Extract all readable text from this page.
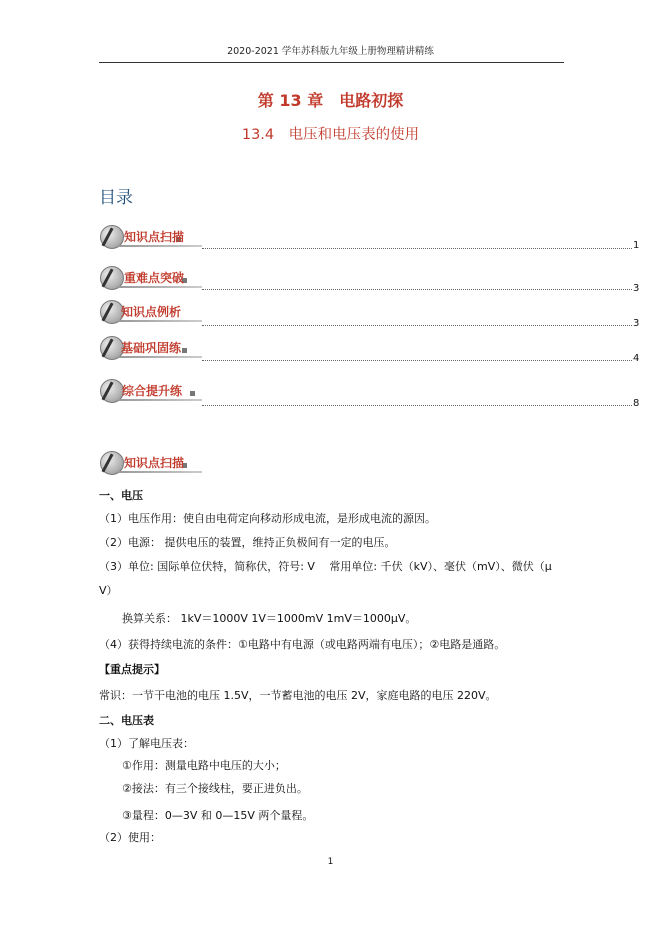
2020-2021 学年苏科版九年级上册物理精讲精练
第 13 章　电路初探
13.4　电压和电压表的使用
目录
知识点扫描
1
重难点突破
3
知识点例析
3
基础巩固练
4
综合提升练
8
知识点扫描
一、电压
（1）电压作用：使自由电荷定向移动形成电流，是形成电流的源因。
（2）电源： 提供电压的装置，维持正负极间有一定的电压。
（3）单位: 国际单位伏特，简称伏，符号: V　 常用单位: 千伏（kV）、毫伏（mV）、微伏（μ
V）
换算关系： 1kV＝1000V 1V＝1000mV 1mV＝1000μV。
（4）获得持续电流的条件：①电路中有电源（或电路两端有电压）；②电路是通路。
【重点提示】
常识：一节干电池的电压 1.5V，一节蓄电池的电压 2V，家庭电路的电压 220V。
二、电压表
（1）了解电压表：
①作用：测量电路中电压的大小；
②接法：有三个接线柱，要正进负出。
③量程：0—3V 和 0—15V 两个量程。
（2）使用：
1
